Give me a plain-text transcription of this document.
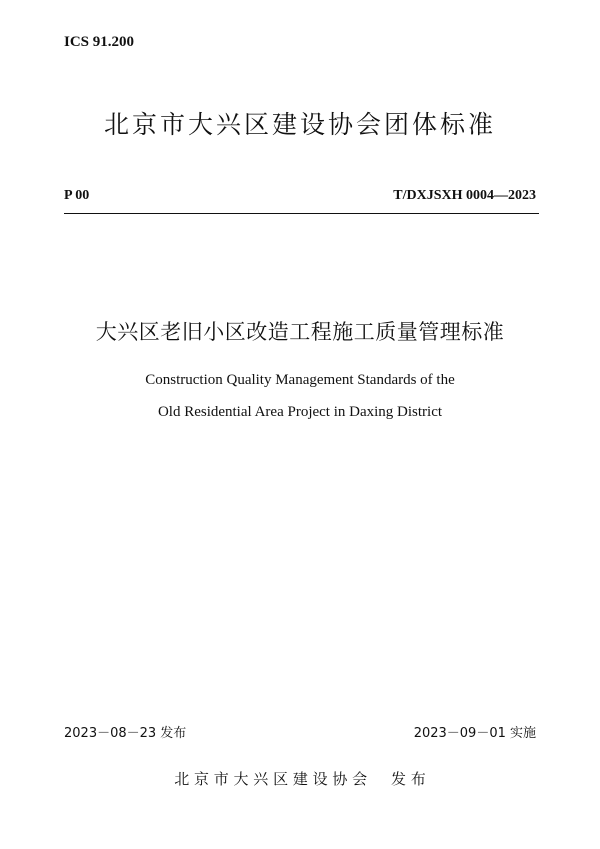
ICS 91.200
北京市大兴区建设协会团体标准
P 00	T/DXJSXH 0004—2023
大兴区老旧小区改造工程施工质量管理标准
Construction Quality Management Standards of the
Old Residential Area Project in Daxing District
2023－08－23 发布	2023－09－01 实施
北 京 市 大 兴 区 建 设 协 会     发 布
